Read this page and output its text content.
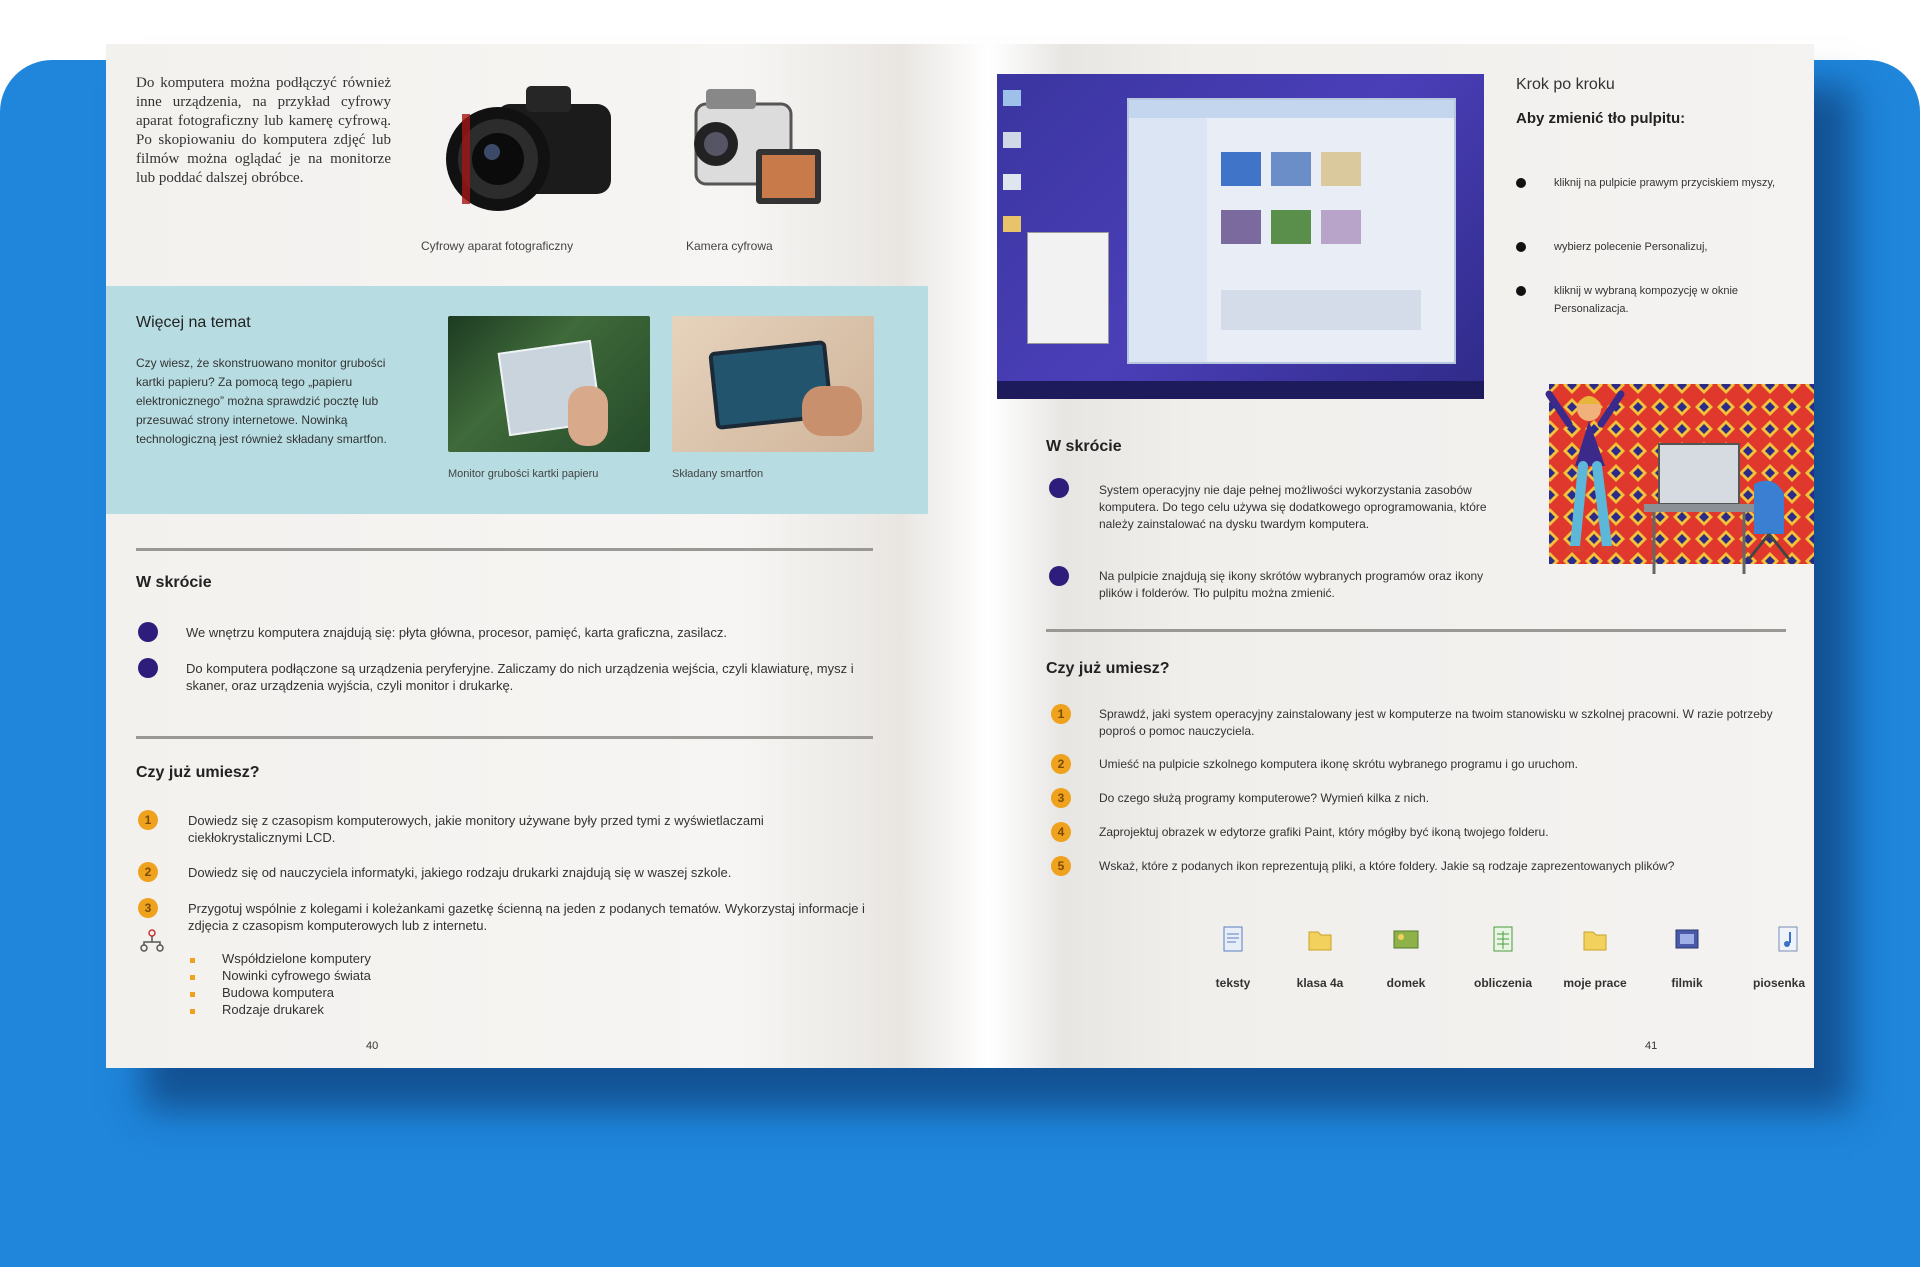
Do komputera można podłączyć również inne urządzenia, na przykład cyfrowy aparat fotograficzny lub kamerę cyfrową. Po skopiowaniu do komputera zdjęć lub filmów można oglądać je na monitorze lub poddać dalszej obróbce.
Cyfrowy aparat fotograficzny	Kamera cyfrowa
Więcej na temat
Czy wiesz, że skonstruowano monitor grubości kartki papieru? Za pomocą tego „papieru elektronicznego” można sprawdzić pocztę lub przesuwać strony internetowe. Nowinką technologiczną jest również składany smartfon.
Monitor grubości kartki papieru	Składany smartfon
W skrócie
We wnętrzu komputera znajdują się: płyta główna, procesor, pamięć, karta graficzna, zasilacz.
Do komputera podłączone są urządzenia peryferyjne. Zaliczamy do nich urządzenia wejścia, czyli klawiaturę, mysz i skaner, oraz urządzenia wyjścia, czyli monitor i drukarkę.
Czy już umiesz?
1	Dowiedz się z czasopism komputerowych, jakie monitory używane były przed tymi z wyświetlaczami ciekłokrystalicznymi LCD.
2	Dowiedz się od nauczyciela informatyki, jakiego rodzaju drukarki znajdują się w waszej szkole.
3	Przygotuj wspólnie z kolegami i koleżankami gazetkę ścienną na jeden z podanych tematów. Wykorzystaj informacje i zdjęcia z czasopism komputerowych lub z internetu.
Współdzielone komputery
Nowinki cyfrowego świata
Budowa komputera
Rodzaje drukarek
40
Krok po kroku
Aby zmienić tło pulpitu:
kliknij na pulpicie prawym przyciskiem myszy,
wybierz polecenie Personalizuj,
kliknij w wybraną kompozycję w oknie Personalizacja.
W skrócie
System operacyjny nie daje pełnej możliwości wykorzystania zasobów komputera. Do tego celu używa się dodatkowego oprogramowania, które należy zainstalować na dysku twardym komputera.
Na pulpicie znajdują się ikony skrótów wybranych programów oraz ikony plików i folderów. Tło pulpitu można zmienić.
Czy już umiesz?
1	Sprawdź, jaki system operacyjny zainstalowany jest w komputerze na twoim stanowisku w szkolnej pracowni. W razie potrzeby poproś o pomoc nauczyciela.
2	Umieść na pulpicie szkolnego komputera ikonę skrótu wybranego programu i go uruchom.
3	Do czego służą programy komputerowe? Wymień kilka z nich.
4	Zaprojektuj obrazek w edytorze grafiki Paint, który mógłby być ikoną twojego folderu.
5	Wskaż, które z podanych ikon reprezentują pliki, a które foldery. Jakie są rodzaje zaprezentowanych plików?
teksty	klasa 4a	domek	obliczenia	moje prace	filmik	piosenka
41
